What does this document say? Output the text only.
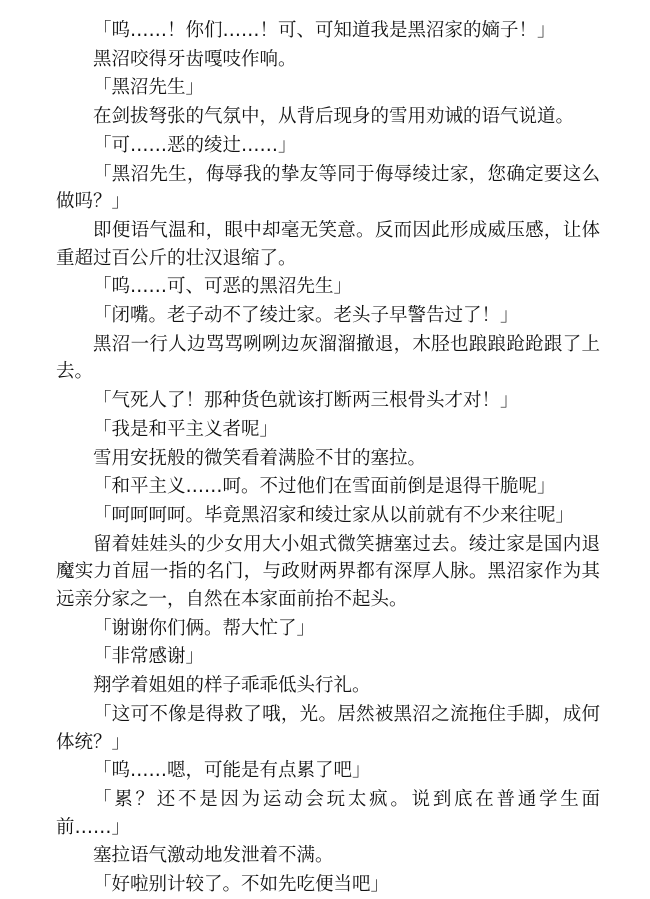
「呜……！你们……！可、可知道我是黑沼家的嫡子！」

黑沼咬得牙齿嘎吱作响。

「黑沼先生」

在剑拔弩张的气氛中，从背后现身的雪用劝诫的语气说道。

「可……恶的绫辻……」

「黑沼先生，侮辱我的挚友等同于侮辱绫辻家，您确定要这么做吗？」

即便语气温和，眼中却毫无笑意。反而因此形成威压感，让体重超过百公斤的壮汉退缩了。

「呜……可、可恶的黑沼先生」

「闭嘴。老子动不了绫辻家。老头子早警告过了！」

黑沼一行人边骂骂咧咧边灰溜溜撤退，木胫也踉踉跄跄跟了上去。

「气死人了！那种货色就该打断两三根骨头才对！」

「我是和平主义者呢」

雪用安抚般的微笑看着满脸不甘的塞拉。

「和平主义……呵。不过他们在雪面前倒是退得干脆呢」

「呵呵呵呵。毕竟黑沼家和绫辻家从以前就有不少来往呢」

留着娃娃头的少女用大小姐式微笑搪塞过去。绫辻家是国内退魔实力首屈一指的名门，与政财两界都有深厚人脉。黑沼家作为其远亲分家之一，自然在本家面前抬不起头。

「谢谢你们俩。帮大忙了」

「非常感谢」

翔学着姐姐的样子乖乖低头行礼。

「这可不像是得救了哦，光。居然被黑沼之流拖住手脚，成何体统？」

「呜……嗯，可能是有点累了吧」

「累？还不是因为运动会玩太疯。说到底在普通学生面前……」

塞拉语气激动地发泄着不满。

「好啦别计较了。不如先吃便当吧」
